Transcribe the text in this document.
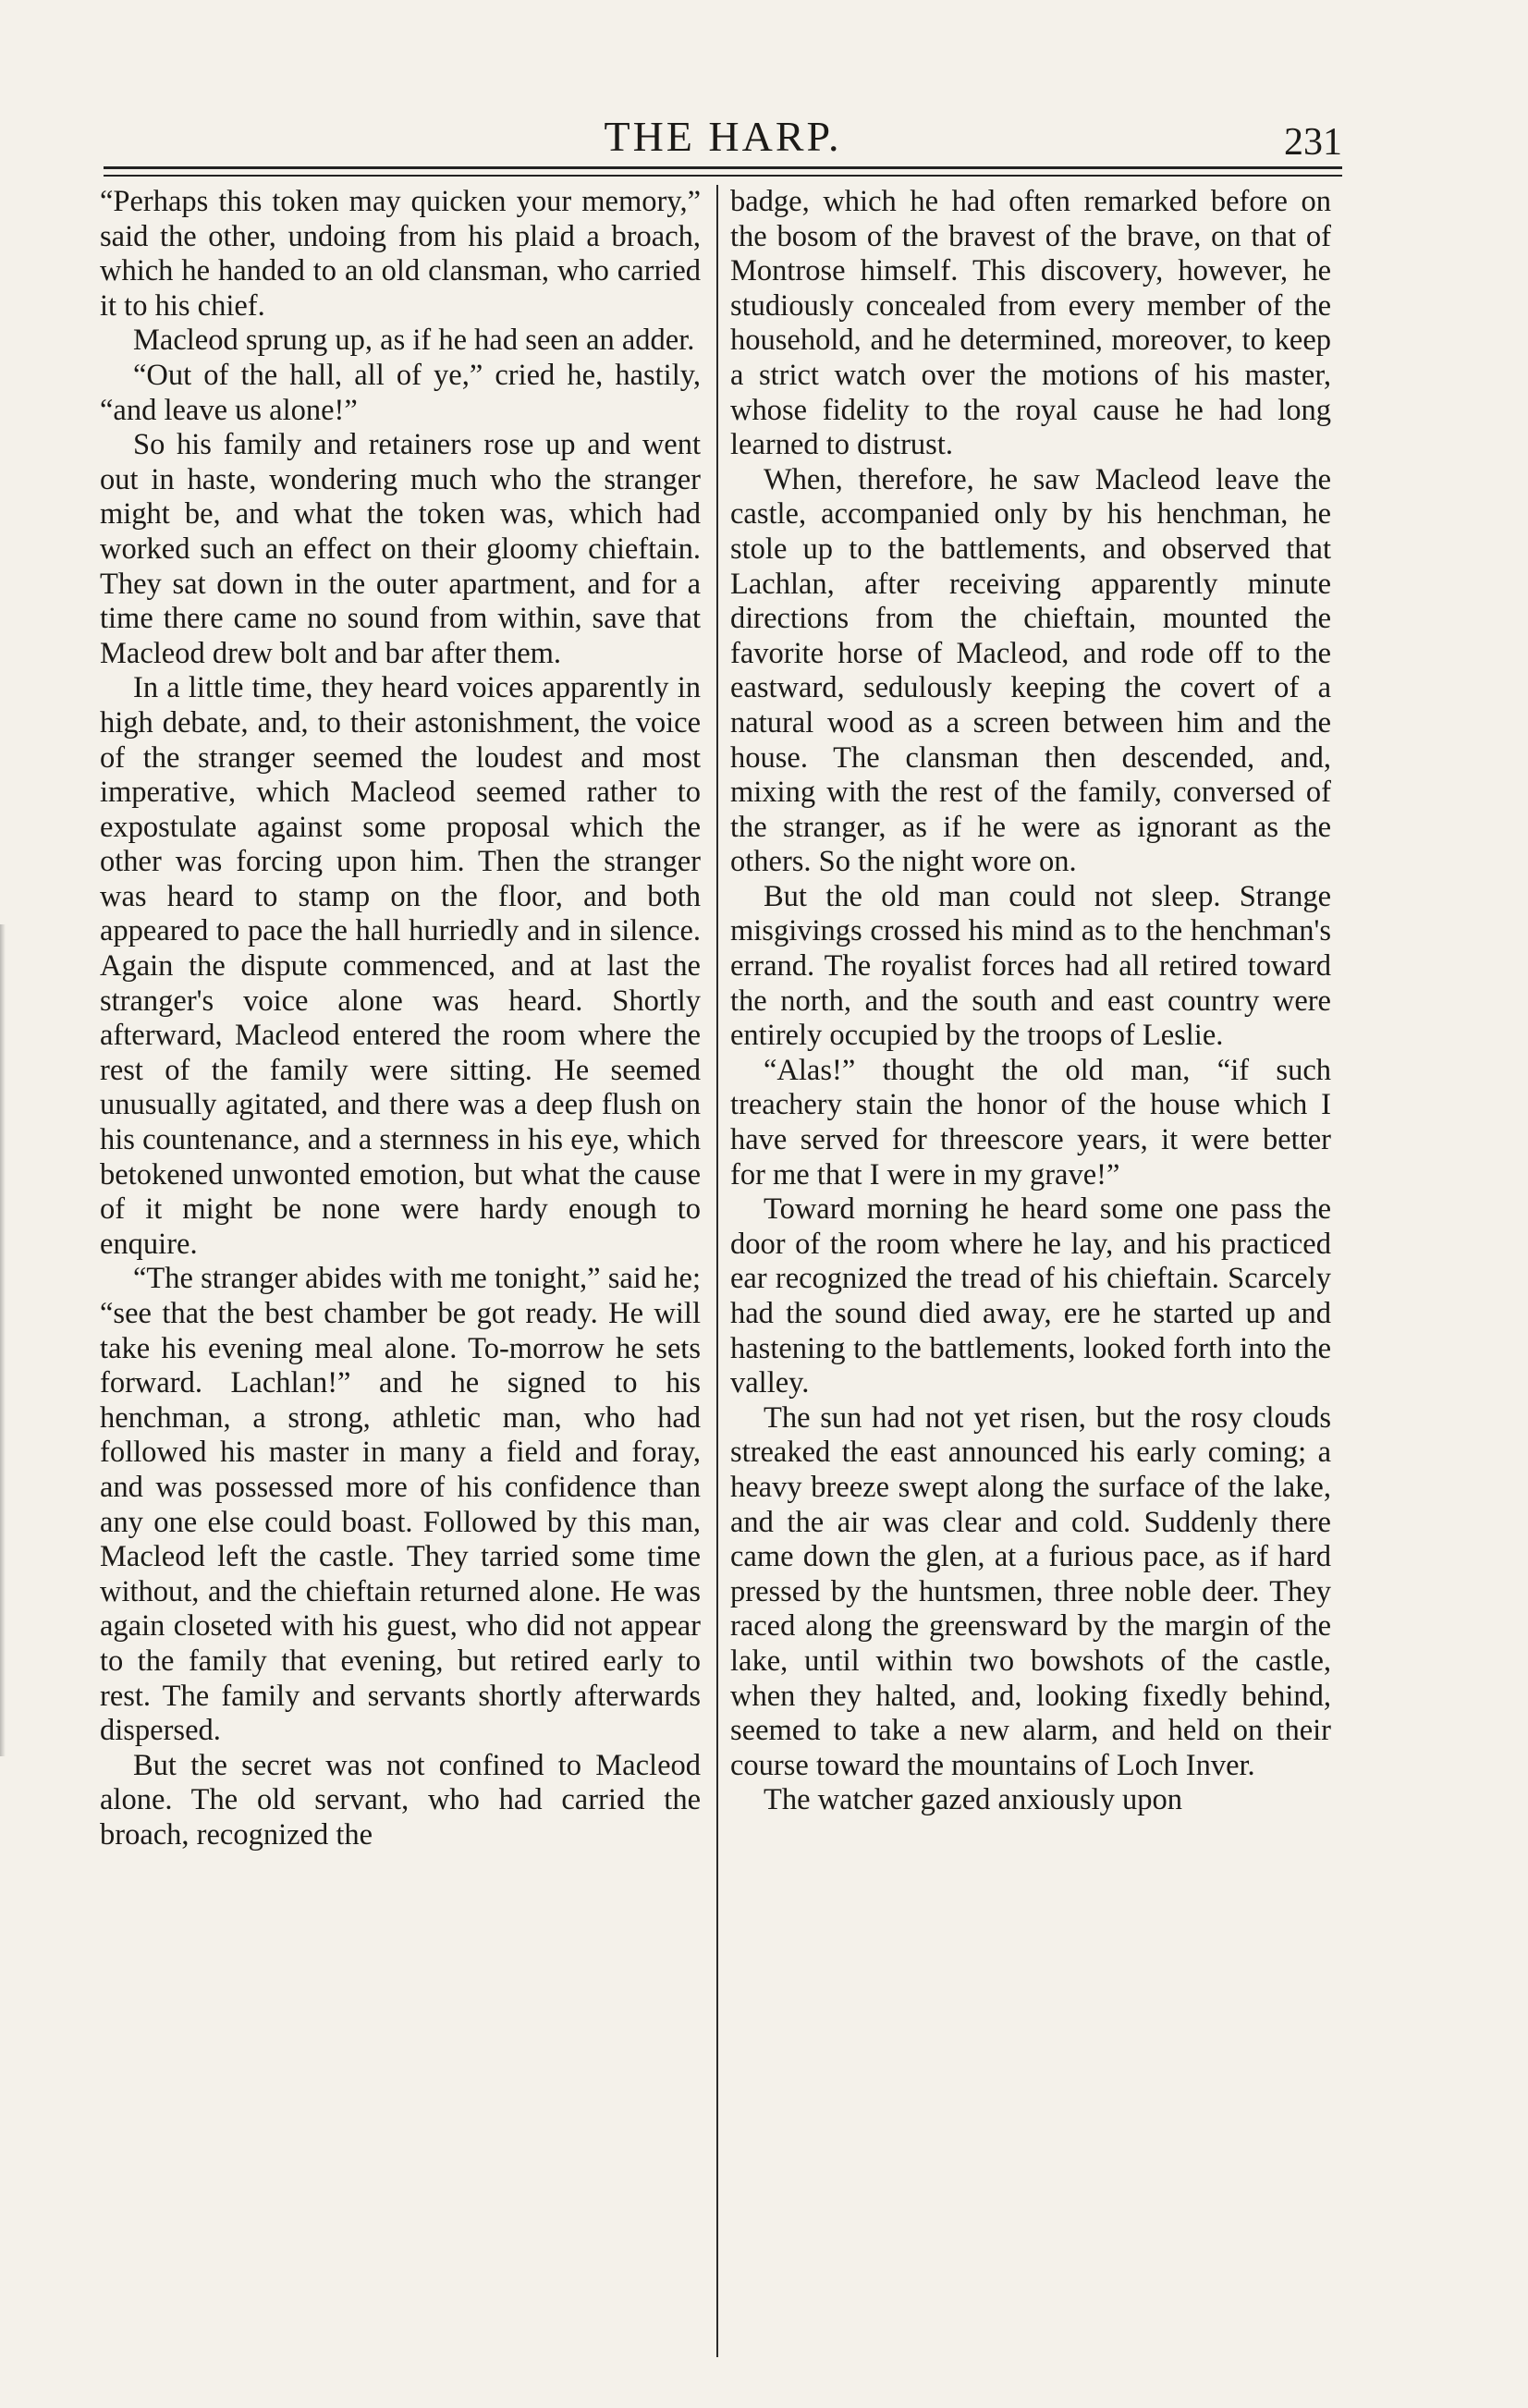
THE HARP.	231

“Perhaps this token may quicken your memory,” said the other, undoing from his plaid a broach, which he handed to an old clansman, who carried it to his chief.

Macleod sprung up, as if he had seen an adder.

“Out of the hall, all of ye,” cried he, hastily, “and leave us alone!”

So his family and retainers rose up and went out in haste, wondering much who the stranger might be, and what the token was, which had worked such an effect on their gloomy chieftain. They sat down in the outer apartment, and for a time there came no sound from within, save that Macleod drew bolt and bar after them.

In a little time, they heard voices apparently in high debate, and, to their astonishment, the voice of the stranger seemed the loudest and most imperative, which Macleod seemed rather to expostulate against some proposal which the other was forcing upon him. Then the stranger was heard to stamp on the floor, and both appeared to pace the hall hurriedly and in silence. Again the dispute commenced, and at last the stranger's voice alone was heard. Shortly afterward, Macleod entered the room where the rest of the family were sitting. He seemed unusually agitated, and there was a deep flush on his countenance, and a sternness in his eye, which betokened unwonted emotion, but what the cause of it might be none were hardy enough to enquire.

“The stranger abides with me tonight,” said he; “see that the best chamber be got ready. He will take his evening meal alone. To-morrow he sets forward. Lachlan!” and he signed to his henchman, a strong, athletic man, who had followed his master in many a field and foray, and was possessed more of his confidence than any one else could boast. Followed by this man, Macleod left the castle. They tarried some time without, and the chieftain returned alone. He was again closeted with his guest, who did not appear to the family that evening, but retired early to rest. The family and servants shortly afterwards dispersed.

But the secret was not confined to Macleod alone. The old servant, who had carried the broach, recognized the

badge, which he had often remarked before on the bosom of the bravest of the brave, on that of Montrose himself. This discovery, however, he studiously concealed from every member of the household, and he determined, moreover, to keep a strict watch over the motions of his master, whose fidelity to the royal cause he had long learned to distrust.

When, therefore, he saw Macleod leave the castle, accompanied only by his henchman, he stole up to the battlements, and observed that Lachlan, after receiving apparently minute directions from the chieftain, mounted the favorite horse of Macleod, and rode off to the eastward, sedulously keeping the covert of a natural wood as a screen between him and the house. The clansman then descended, and, mixing with the rest of the family, conversed of the stranger, as if he were as ignorant as the others. So the night wore on.

But the old man could not sleep. Strange misgivings crossed his mind as to the henchman's errand. The royalist forces had all retired toward the north, and the south and east country were entirely occupied by the troops of Leslie.

“Alas!” thought the old man, “if such treachery stain the honor of the house which I have served for threescore years, it were better for me that I were in my grave!”

Toward morning he heard some one pass the door of the room where he lay, and his practiced ear recognized the tread of his chieftain. Scarcely had the sound died away, ere he started up and hastening to the battlements, looked forth into the valley.

The sun had not yet risen, but the rosy clouds streaked the east announced his early coming; a heavy breeze swept along the surface of the lake, and the air was clear and cold. Suddenly there came down the glen, at a furious pace, as if hard pressed by the huntsmen, three noble deer. They raced along the greensward by the margin of the lake, until within two bowshots of the castle, when they halted, and, looking fixedly behind, seemed to take a new alarm, and held on their course toward the mountains of Loch Inver.

The watcher gazed anxiously upon
